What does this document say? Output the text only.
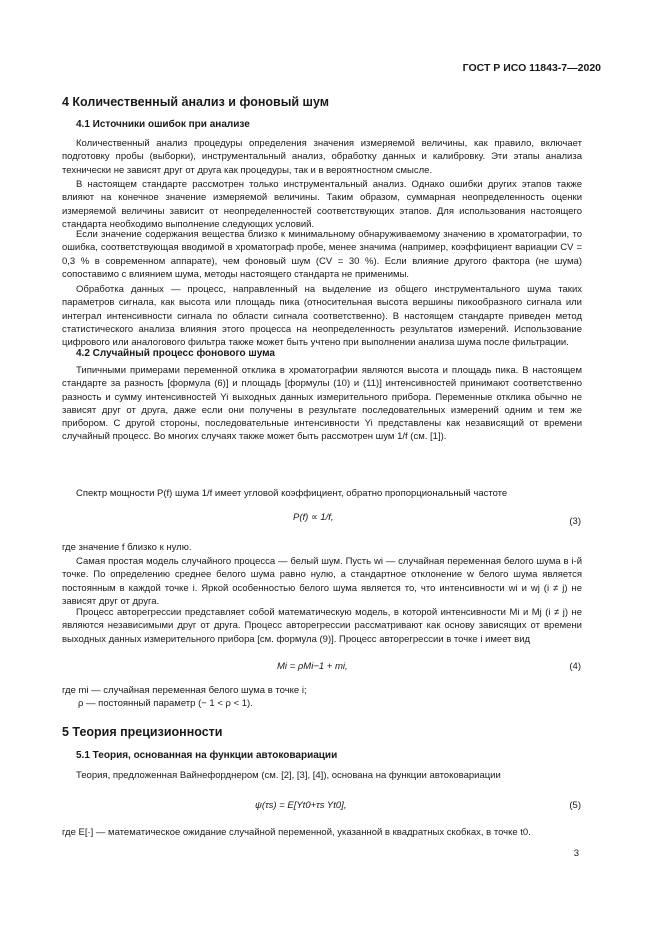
ГОСТ Р ИСО 11843-7—2020
4 Количественный анализ и фоновый шум
4.1 Источники ошибок при анализе

Количественный анализ процедуры определения значения измеряемой величины, как правило, включает подготовку пробы (выборки), инструментальный анализ, обработку данных и калибровку. Эти этапы анализа технически не зависят друг от друга как процедуры, так и в вероятностном смысле.

В настоящем стандарте рассмотрен только инструментальный анализ. Однако ошибки других этапов также влияют на конечное значение измеряемой величины. Таким образом, суммарная неопределенность оценки измеряемой величины зависит от неопределенностей соответствующих этапов. Для использования настоящего стандарта необходимо выполнение следующих условий.

Если значение содержания вещества близко к минимальному обнаруживаемому значению в хроматографии, то ошибка, соответствующая вводимой в хроматограф пробе, менее значима (например, коэффициент вариации CV = 0,3 % в современном аппарате), чем фоновый шум (CV = 30 %). Если влияние другого фактора (не шума) сопоставимо с влиянием шума, методы настоящего стандарта не применимы.

Обработка данных — процесс, направленный на выделение из общего инструментального шума таких параметров сигнала, как высота или площадь пика (относительная высота вершины пикообразного сигнала или интеграл интенсивности сигнала по области сигнала соответственно). В настоящем стандарте приведен метод статистического анализа влияния этого процесса на неопределенность результатов измерений. Использование цифрового или аналогового фильтра также может быть учтено при выполнении анализа шума после фильтрации.

4.2 Случайный процесс фонового шума

Типичными примерами переменной отклика в хроматографии являются высота и площадь пика. В настоящем стандарте за разность [формула (6)] и площадь [формулы (10) и (11)] интенсивностей принимают соответственно разность и сумму интенсивностей Yi выходных данных измерительного прибора. Переменные отклика обычно не зависят друг от друга, даже если они получены в результате последовательных измерений одним и тем же прибором. С другой стороны, последовательные интенсивности Yi представлены как независящий от времени случайный процесс. Во многих случаях также может быть рассмотрен шум 1/f (см. [1]).

Спектр мощности P(f) шума 1/f имеет угловой коэффициент, обратно пропорциональный частоте

P(f) ∝ 1/f,	(3)
где значение f близко к нулю.

Самая простая модель случайного процесса — белый шум. Пусть wi — случайная переменная белого шума в i-й точке. По определению среднее белого шума равно нулю, а стандартное отклонение w белого шума является постоянным в каждой точке i. Яркой особенностью белого шума является то, что интенсивности wi и wj (i ≠ j) не зависят друг от друга.

Процесс авторегрессии представляет собой математическую модель, в которой интенсивности Mi и Mj (i ≠ j) не являются независимыми друг от друга. Процесс авторегрессии рассматривают как основу зависящих от времени выходных данных измерительного прибора [см. формула (9)]. Процесс авторегрессии в точке i имеет вид

Mi = ρMi−1 + mi,	(4)
где mi — случайная переменная белого шума в точке i;
ρ — постоянный параметр (− 1 < ρ < 1).
5 Теория прецизионности
5.1 Теория, основанная на функции автоковариации

Теория, предложенная Вайнефорднером (см. [2], [3], [4]), основана на функции автоковариации

ψ(τs) = E[Yt0+τs Yt0],	(5)
где E[·] — математическое ожидание случайной переменной, указанной в квадратных скобках, в точке t0.
3
